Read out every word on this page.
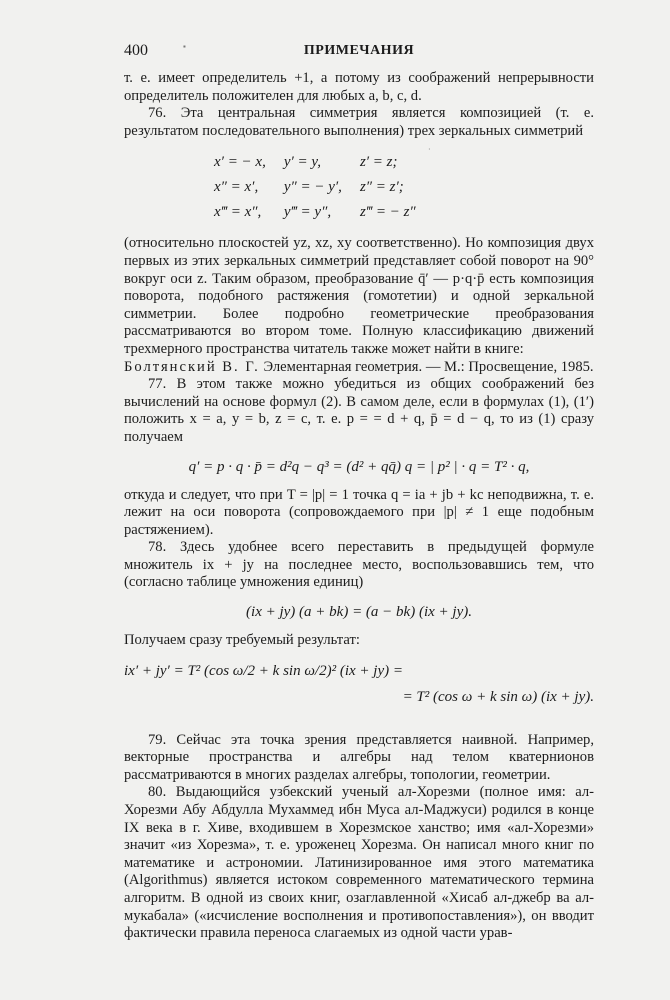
▪
·
400	ПРИМЕЧАНИЯ

т. е. имеет определитель +1, а потому из соображений непрерывности определитель положителен для любых a, b, c, d.

76. Эта центральная симметрия является композицией (т. е. результатом последовательного выполнения) трех зеркальных симметрий

x′ = − x,	y′ = y,	z′ = z;
x″ = x′,	y″ = − y′,	z″ = z′;
x‴ = x″,	y‴ = y″,	z‴ = − z″

(относительно плоскостей yz, xz, xy соответственно). Но композиция двух первых из этих зеркальных симметрий представляет собой поворот на 90° вокруг оси z. Таким образом, преобразование q̄′ — p·q·p̄ есть композиция поворота, подобного растяжения (гомотетии) и одной зеркальной симметрии. Более подробно геометрические преобразования рассматриваются во втором томе. Полную классификацию движений трехмерного пространства читатель также может найти в книге:

Болтянский В. Г. Элементарная геометрия. — М.: Просвещение, 1985.

77. В этом также можно убедиться из общих соображений без вычислений на основе формул (2). В самом деле, если в формулах (1), (1′) положить x = a, y = b, z = c, т. е. p = = d + q, p̄ = d − q, то из (1) сразу получаем

q′ = p · q · p̄ = d²q − q³ = (d² + qq̄) q = | p² | · q = T² · q,

откуда и следует, что при T = |p| = 1 точка q = ia + jb + kc неподвижна, т. е. лежит на оси поворота (сопровождаемого при |p| ≠ 1 еще подобным растяжением).

78. Здесь удобнее всего переставить в предыдущей формуле множитель ix + jy на последнее место, воспользовавшись тем, что (согласно таблице умножения единиц)

(ix + jy) (a + bk) = (a − bk) (ix + jy).

Получаем сразу требуемый результат:

ix′ + jy′ = T² (cos ω/2 + k sin ω/2)² (ix + jy) =
= T² (cos ω + k sin ω) (ix + jy).

79. Сейчас эта точка зрения представляется наивной. Например, векторные пространства и алгебры над телом кватернионов рассматриваются в многих разделах алгебры, топологии, геометрии.

80. Выдающийся узбекский ученый ал-Хорезми (полное имя: ал-Хорезми Абу Абдулла Мухаммед ибн Муса ал-Маджуси) родился в конце IX века в г. Хиве, входившем в Хорезмское ханство; имя «ал-Хорезми» значит «из Хорезма», т. е. уроженец Хорезма. Он написал много книг по математике и астрономии. Латинизированное имя этого математика (Algorithmus) является истоком современного математического термина алгоритм. В одной из своих книг, озаглавленной «Хисаб ал-джебр ва ал-мукабала» («исчисление восполнения и противопоставления»), он вводит фактически правила переноса слагаемых из одной части урав-
